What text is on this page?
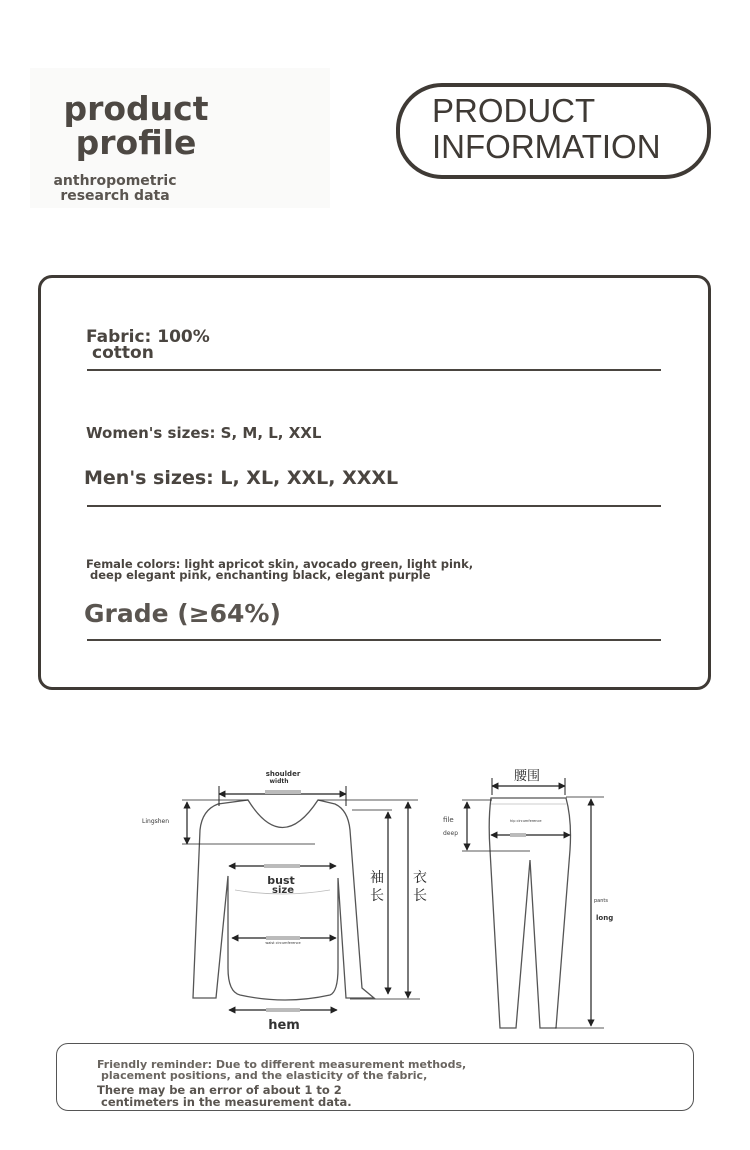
product
profile
anthropometric
research data
PRODUCT
INFORMATION
Fabric: 100%
cotton
Women's sizes: S, M, L, XXL
Men's sizes: L, XL, XXL, XXXL
Female colors: light apricot skin, avocado green, light pink,
deep elegant pink, enchanting black, elegant purple
Grade (≥64%)
shoulder
width
Lingshen
bust
size
waist circumference
袖
长
衣
长
hem
腰围
file
deep
hip circumference
pants
long
Friendly reminder: Due to different measurement methods,
placement positions, and the elasticity of the fabric,
There may be an error of about 1 to 2
centimeters in the measurement data.
